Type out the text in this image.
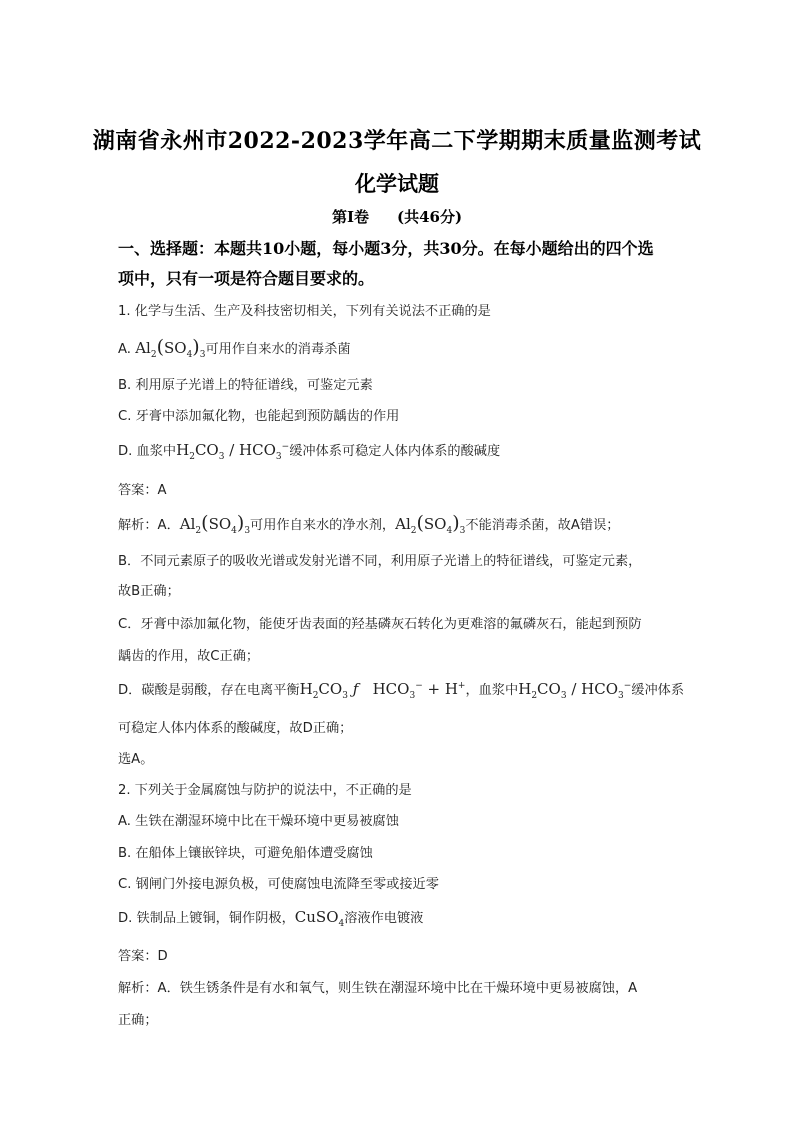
湖南省永州市2022-2023学年高二下学期期末质量监测考试
化学试题
第Ⅰ卷 (共46分)
一、选择题：本题共10小题，每小题3分，共30分。在每小题给出的四个选
项中，只有一项是符合题目要求的。
1. 化学与生活、生产及科技密切相关，下列有关说法不正确的是
A. $Al_2(SO_4)_3$可用作自来水的消毒杀菌
B. 利用原子光谱上的特征谱线，可鉴定元素
C. 牙膏中添加氟化物，也能起到预防龋齿的作用
D. 血浆中$H_2CO_3 / HCO_3^-$缓冲体系可稳定人体内体系的酸碱度
答案：A
解析：A．$Al_2(SO_4)_3$可用作自来水的净水剂，$Al_2(SO_4)_3$不能消毒杀菌，故A错误；
B．不同元素原子的吸收光谱或发射光谱不同，利用原子光谱上的特征谱线，可鉴定元素，
故B正确；
C．牙膏中添加氟化物，能使牙齿表面的羟基磷灰石转化为更难溶的氟磷灰石，能起到预防
龋齿的作用，故C正确；
D．碳酸是弱酸，存在电离平衡$H_2CO_3$ ƒ   $HCO_3^- + H^+$，血浆中$H_2CO_3 / HCO_3^-$缓冲体系
可稳定人体内体系的酸碱度，故D正确；
选A。
2. 下列关于金属腐蚀与防护的说法中，不正确的是
A. 生铁在潮湿环境中比在干燥环境中更易被腐蚀
B. 在船体上镶嵌锌块，可避免船体遭受腐蚀
C. 钢闸门外接电源负极，可使腐蚀电流降至零或接近零
D. 铁制品上镀铜，铜作阴极，CuSO$_4$溶液作电镀液
答案：D
解析：A．铁生锈条件是有水和氧气，则生铁在潮湿环境中比在干燥环境中更易被腐蚀，A
正确；
